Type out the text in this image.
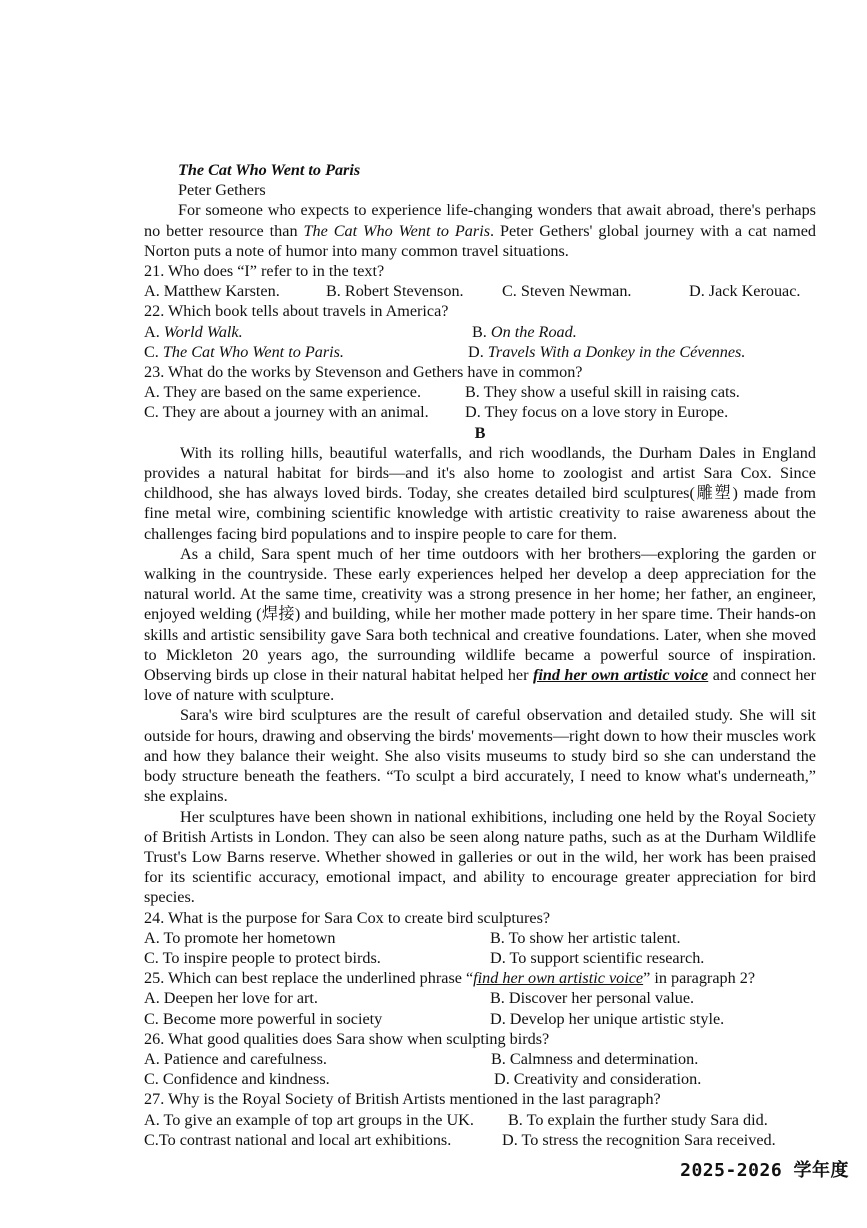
The Cat Who Went to Paris
Peter Gethers

For someone who expects to experience life-changing wonders that await abroad, there's perhaps no better resource than The Cat Who Went to Paris. Peter Gethers' global journey with a cat named Norton puts a note of humor into many common travel situations.

21. Who does “I” refer to in the text?
A. Matthew Karsten.	B. Robert Stevenson.	C. Steven Newman.	D. Jack Kerouac.
22. Which book tells about travels in America?
A. World Walk.	B. On the Road.
C. The Cat Who Went to Paris.	D. Travels With a Donkey in the Cévennes.
23. What do the works by Stevenson and Gethers have in common?
A. They are based on the same experience.	B. They show a useful skill in raising cats.
C. They are about a journey with an animal.	D. They focus on a love story in Europe.
B

With its rolling hills, beautiful waterfalls, and rich woodlands, the Durham Dales in England provides a natural habitat for birds—and it's also home to zoologist and artist Sara Cox. Since childhood, she has always loved birds. Today, she creates detailed bird sculptures(雕塑) made from fine metal wire, combining scientific knowledge with artistic creativity to raise awareness about the challenges facing bird populations and to inspire people to care for them.

As a child, Sara spent much of her time outdoors with her brothers—exploring the garden or walking in the countryside. These early experiences helped her develop a deep appreciation for the natural world. At the same time, creativity was a strong presence in her home; her father, an engineer, enjoyed welding (焊接) and building, while her mother made pottery in her spare time. Their hands-on skills and artistic sensibility gave Sara both technical and creative foundations. Later, when she moved to Mickleton 20 years ago, the surrounding wildlife became a powerful source of inspiration. Observing birds up close in their natural habitat helped her find her own artistic voice and connect her love of nature with sculpture.

Sara's wire bird sculptures are the result of careful observation and detailed study. She will sit outside for hours, drawing and observing the birds' movements—right down to how their muscles work and how they balance their weight. She also visits museums to study bird so she can understand the body structure beneath the feathers. “To sculpt a bird accurately, I need to know what's underneath,” she explains.

Her sculptures have been shown in national exhibitions, including one held by the Royal Society of British Artists in London. They can also be seen along nature paths, such as at the Durham Wildlife Trust's Low Barns reserve. Whether showed in galleries or out in the wild, her work has been praised for its scientific accuracy, emotional impact, and ability to encourage greater appreciation for bird species.

24. What is the purpose for Sara Cox to create bird sculptures?
A. To promote her hometown	B. To show her artistic talent.
C. To inspire people to protect birds.	D. To support scientific research.
25. Which can best replace the underlined phrase “find her own artistic voice” in paragraph 2?
A. Deepen her love for art.	B. Discover her personal value.
C. Become more powerful in society	D. Develop her unique artistic style.
26. What good qualities does Sara show when sculpting birds?
A. Patience and carefulness.	B. Calmness and determination.
C. Confidence and kindness.	D. Creativity and consideration.
27. Why is the Royal Society of British Artists mentioned in the last paragraph?
A. To give an example of top art groups in the UK.	B. To explain the further study Sara did.
C.To contrast national and local art exhibitions.	D. To stress the recognition Sara received.
2025-2026 学年度
